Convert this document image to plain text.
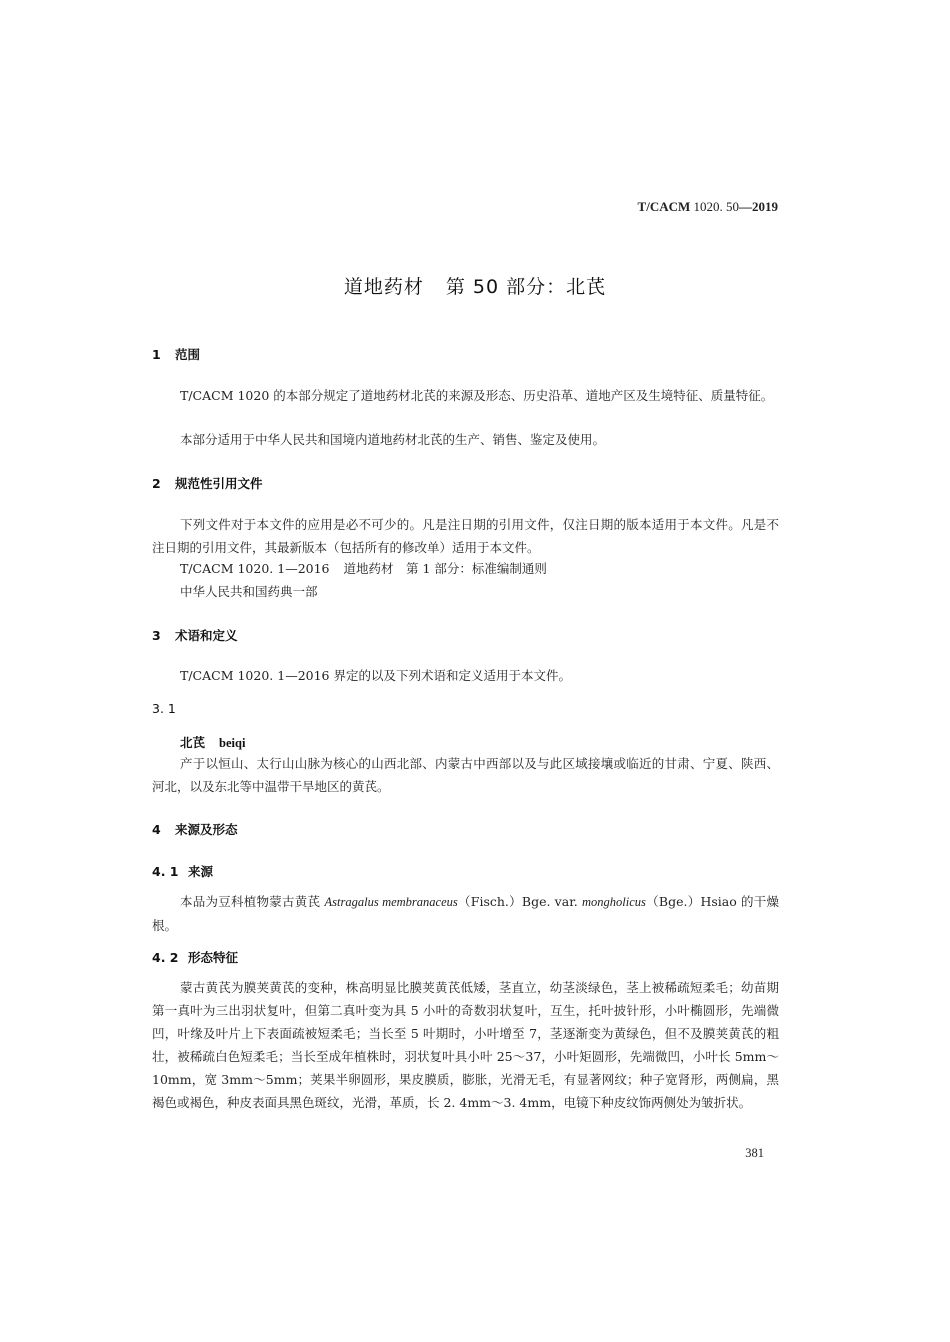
T/CACM 1020. 50—2019
道地药材 第 50 部分：北芪
1 范围
T/CACM 1020 的本部分规定了道地药材北芪的来源及形态、历史沿革、道地产区及生境特征、质量特征。
本部分适用于中华人民共和国境内道地药材北芪的生产、销售、鉴定及使用。
2 规范性引用文件
下列文件对于本文件的应用是必不可少的。凡是注日期的引用文件，仅注日期的版本适用于本文件。凡是不注日期的引用文件，其最新版本（包括所有的修改单）适用于本文件。
T/CACM 1020. 1—2016 道地药材　第 1 部分：标准编制通则
中华人民共和国药典一部
3 术语和定义
T/CACM 1020. 1—2016 界定的以及下列术语和定义适用于本文件。
3. 1
北芪 beiqi
产于以恒山、太行山山脉为核心的山西北部、内蒙古中西部以及与此区域接壤或临近的甘肃、宁夏、陕西、河北，以及东北等中温带干旱地区的黄芪。
4 来源及形态
4. 1 来源
本品为豆科植物蒙古黄芪 Astragalus membranaceus（Fisch.）Bge. var. mongholicus（Bge.）Hsiao 的干燥根。
4. 2 形态特征
蒙古黄芪为膜荚黄芪的变种，株高明显比膜荚黄芪低矮，茎直立，幼茎淡绿色，茎上被稀疏短柔毛；幼苗期第一真叶为三出羽状复叶，但第二真叶变为具 5 小叶的奇数羽状复叶，互生，托叶披针形，小叶椭圆形，先端微凹，叶缘及叶片上下表面疏被短柔毛；当长至 5 叶期时，小叶增至 7，茎逐渐变为黄绿色，但不及膜荚黄芪的粗壮，被稀疏白色短柔毛；当长至成年植株时，羽状复叶具小叶 25～37，小叶矩圆形，先端微凹，小叶长 5mm～10mm，宽 3mm～5mm；荚果半卵圆形，果皮膜质，膨胀，光滑无毛，有显著网纹；种子宽肾形，两侧扁，黑褐色或褐色，种皮表面具黑色斑纹，光滑，革质，长 2. 4mm～3. 4mm，电镜下种皮纹饰两侧处为皱折状。
381
